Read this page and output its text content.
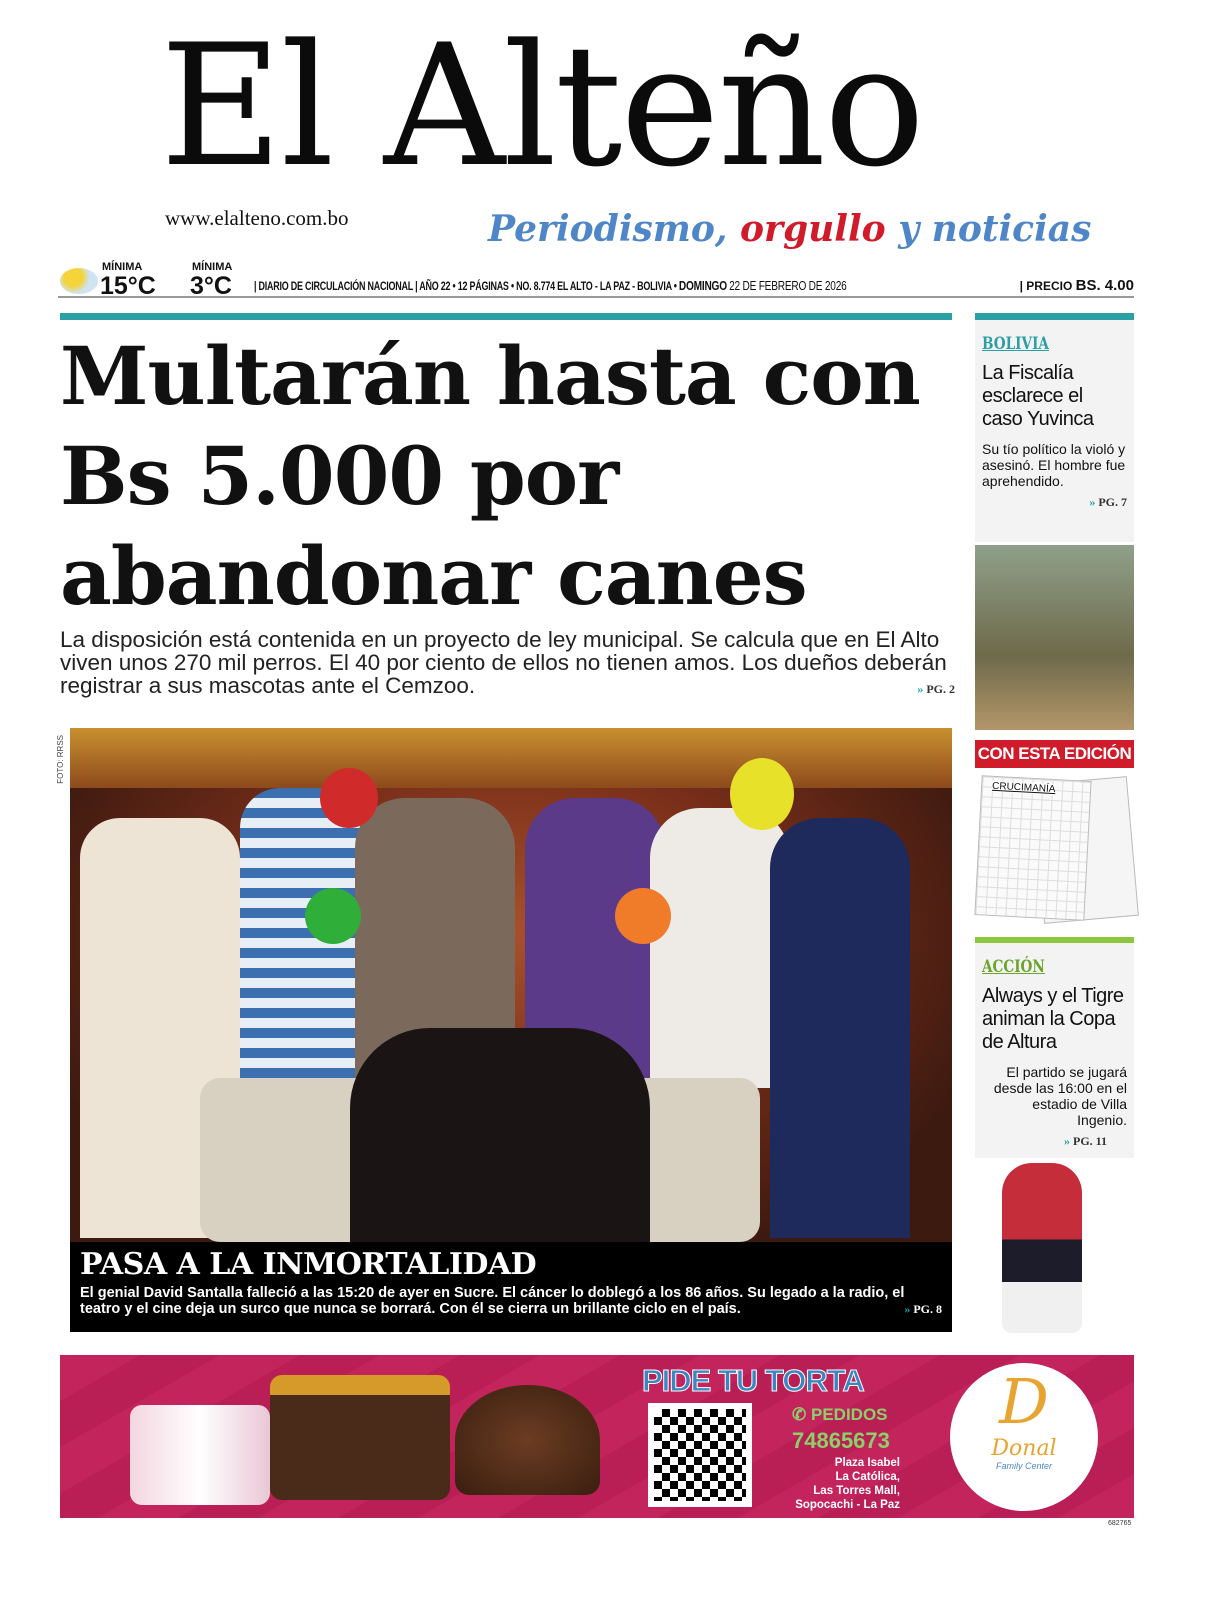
El Alteño
www.elalteno.com.bo	Periodismo, orgullo y noticias
MÍNIMA
15°C
MÍNIMA
3°C | DIARIO DE CIRCULACIÓN NACIONAL | AÑO 22 • 12 PÁGINAS • NO. 8.774 EL ALTO - LA PAZ - BOLIVIA • DOMINGO 22 DE FEBRERO DE 2026	| PRECIO BS. 4.00
Multarán hasta con Bs 5.000 por abandonar canes
La disposición está contenida en un proyecto de ley municipal. Se calcula que en El Alto viven unos 270 mil perros. El 40 por ciento de ellos no tienen amos. Los dueños deberán registrar a sus mascotas ante el Cemzoo.	» PG. 2
FOTO: RRSS
PASA A LA INMORTALIDAD

El genial David Santalla falleció a las 15:20 de ayer en Sucre. El cáncer lo doblegó a los 86 años. Su legado a la radio, el teatro y el cine deja un surco que nunca se borrará. Con él se cierra un brillante ciclo en el país.	» PG. 8

BOLIVIA
La Fiscalía esclarece el caso Yuvinca
Su tío político la violó y asesinó. El hombre fue aprehendido.
» PG. 7
CON ESTA EDICIÓN
CRUCIMANÍA
ACCIÓN
Always y el Tigre animan la Copa de Altura
El partido se jugará desde las 16:00 en el estadio de Villa Ingenio.
» PG. 11
PIDE TU TORTA
✆ PEDIDOS
74865673
Plaza Isabel
La Católica,
Las Torres Mall,
Sopocachi - La Paz
D
Donal
Family Center
682765
